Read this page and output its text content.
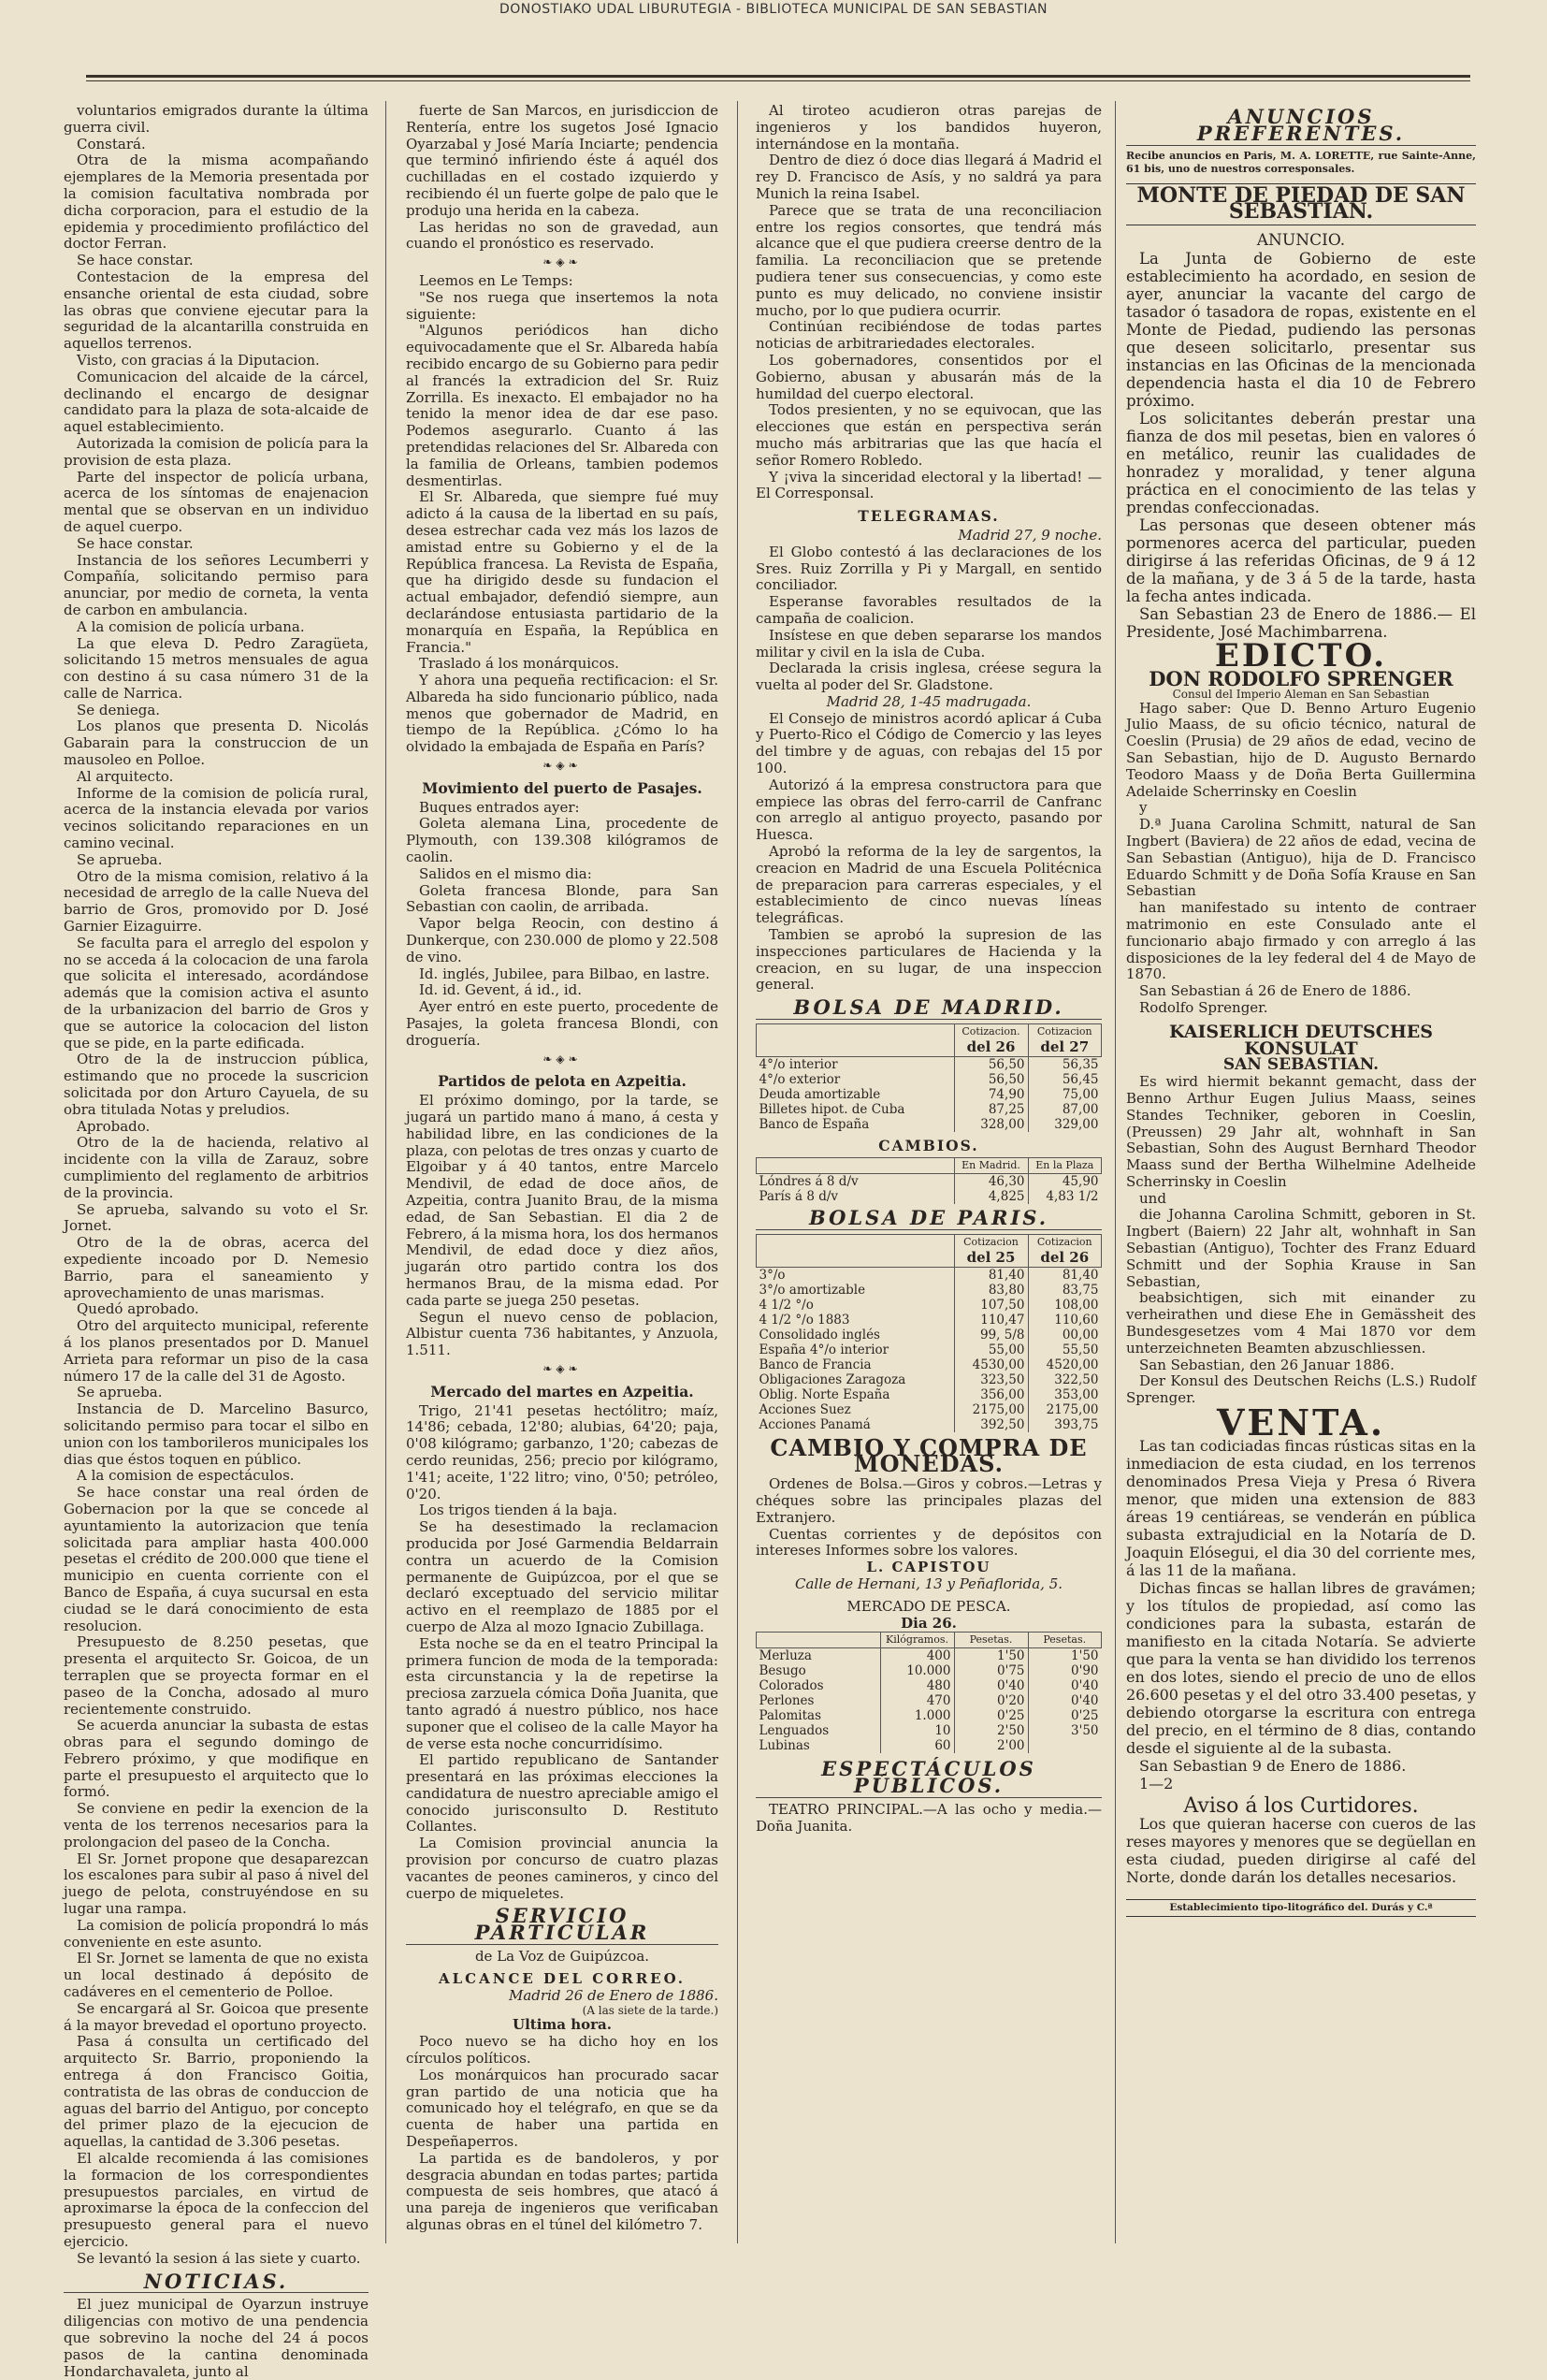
DONOSTIAKO UDAL LIBURUTEGIA - BIBLIOTECA MUNICIPAL DE SAN SEBASTIAN

voluntarios emigrados durante la última guerra civil.

Constará.

Otra de la misma acompañando ejemplares de la Memoria presentada por la comision facultativa nombrada por dicha corporacion, para el estudio de la epidemia y procedimiento profiláctico del doctor Ferran.

Se hace constar.

Contestacion de la empresa del ensanche oriental de esta ciudad, sobre las obras que conviene ejecutar para la seguridad de la alcantarilla construida en aquellos terrenos.

Visto, con gracias á la Diputacion.

Comunicacion del alcaide de la cárcel, declinando el encargo de designar candidato para la plaza de sota-alcaide de aquel establecimiento.

Autorizada la comision de policía para la provision de esta plaza.

Parte del inspector de policía urbana, acerca de los síntomas de enajenacion mental que se observan en un individuo de aquel cuerpo.

Se hace constar.

Instancia de los señores Lecumberri y Compañía, solicitando permiso para anunciar, por medio de corneta, la venta de carbon en ambulancia.

A la comision de policía urbana.

La que eleva D. Pedro Zaragüeta, solicitando 15 metros mensuales de agua con destino á su casa número 31 de la calle de Narrica.

Se deniega.

Los planos que presenta D. Nicolás Gabarain para la construccion de un mausoleo en Polloe.

Al arquitecto.

Informe de la comision de policía rural, acerca de la instancia elevada por varios vecinos solicitando reparaciones en un camino vecinal.

Se aprueba.

Otro de la misma comision, relativo á la necesidad de arreglo de la calle Nueva del barrio de Gros, promovido por D. José Garnier Eizaguirre.

Se faculta para el arreglo del espolon y no se acceda á la colocacion de una farola que solicita el interesado, acordándose además que la comision activa el asunto de la urbanizacion del barrio de Gros y que se autorice la colocacion del liston que se pide, en la parte edificada.

Otro de la de instruccion pública, estimando que no procede la suscricion solicitada por don Arturo Cayuela, de su obra titulada Notas y preludios.

Aprobado.

Otro de la de hacienda, relativo al incidente con la villa de Zarauz, sobre cumplimiento del reglamento de arbitrios de la provincia.

Se aprueba, salvando su voto el Sr. Jornet.

Otro de la de obras, acerca del expediente incoado por D. Nemesio Barrio, para el saneamiento y aprovechamiento de unas marismas.

Quedó aprobado.

Otro del arquitecto municipal, referente á los planos presentados por D. Manuel Arrieta para reformar un piso de la casa número 17 de la calle del 31 de Agosto.

Se aprueba.

Instancia de D. Marcelino Basurco, solicitando permiso para tocar el silbo en union con los tamborileros municipales los dias que éstos toquen en público.

A la comision de espectáculos.

Se hace constar una real órden de Gobernacion por la que se concede al ayuntamiento la autorizacion que tenía solicitada para ampliar hasta 400.000 pesetas el crédito de 200.000 que tiene el municipio en cuenta corriente con el Banco de España, á cuya sucursal en esta ciudad se le dará conocimiento de esta resolucion.

Presupuesto de 8.250 pesetas, que presenta el arquitecto Sr. Goicoa, de un terraplen que se proyecta formar en el paseo de la Concha, adosado al muro recientemente construido.

Se acuerda anunciar la subasta de estas obras para el segundo domingo de Febrero próximo, y que modifique en parte el presupuesto el arquitecto que lo formó.

Se conviene en pedir la exencion de la venta de los terrenos necesarios para la prolongacion del paseo de la Concha.

El Sr. Jornet propone que desaparezcan los escalones para subir al paso á nivel del juego de pelota, construyéndose en su lugar una rampa.

La comision de policía propondrá lo más conveniente en este asunto.

El Sr. Jornet se lamenta de que no exista un local destinado á depósito de cadáveres en el cementerio de Polloe.

Se encargará al Sr. Goicoa que presente á la mayor brevedad el oportuno proyecto.

Pasa á consulta un certificado del arquitecto Sr. Barrio, proponiendo la entrega á don Francisco Goitia, contratista de las obras de conduccion de aguas del barrio del Antiguo, por concepto del primer plazo de la ejecucion de aquellas, la cantidad de 3.306 pesetas.

El alcalde recomienda á las comisiones la formacion de los correspondientes presupuestos parciales, en virtud de aproximarse la época de la confeccion del presupuesto general para el nuevo ejercicio.

Se levantó la sesion á las siete y cuarto.

NOTICIAS.

El juez municipal de Oyarzun instruye diligencias con motivo de una pendencia que sobrevino la noche del 24 á pocos pasos de la cantina denominada Hondarchavaleta, junto al

fuerte de San Marcos, en jurisdiccion de Rentería, entre los sugetos José Ignacio Oyarzabal y José María Inciarte; pendencia que terminó infiriendo éste á aquél dos cuchilladas en el costado izquierdo y recibiendo él un fuerte golpe de palo que le produjo una herida en la cabeza.

Las heridas no son de gravedad, aun cuando el pronóstico es reservado.

❧◈❧

Leemos en Le Temps:

"Se nos ruega que insertemos la nota siguiente:

"Algunos periódicos han dicho equivocadamente que el Sr. Albareda había recibido encargo de su Gobierno para pedir al francés la extradicion del Sr. Ruiz Zorrilla. Es inexacto. El embajador no ha tenido la menor idea de dar ese paso. Podemos asegurarlo. Cuanto á las pretendidas relaciones del Sr. Albareda con la familia de Orleans, tambien podemos desmentirlas.

El Sr. Albareda, que siempre fué muy adicto á la causa de la libertad en su país, desea estrechar cada vez más los lazos de amistad entre su Gobierno y el de la República francesa. La Revista de España, que ha dirigido desde su fundacion el actual embajador, defendió siempre, aun declarándose entusiasta partidario de la monarquía en España, la República en Francia."

Traslado á los monárquicos.

Y ahora una pequeña rectificacion: el Sr. Albareda ha sido funcionario público, nada menos que gobernador de Madrid, en tiempo de la República. ¿Cómo lo ha olvidado la embajada de España en París?

❧◈❧
Movimiento del puerto de Pasajes.

Buques entrados ayer:

Goleta alemana Lina, procedente de Plymouth, con 139.308 kilógramos de caolin.

Salidos en el mismo dia:

Goleta francesa Blonde, para San Sebastian con caolin, de arribada.

Vapor belga Reocin, con destino á Dunkerque, con 230.000 de plomo y 22.508 de vino.

Id. inglés, Jubilee, para Bilbao, en lastre.

Id. id. Gevent, á id., id.

Ayer entró en este puerto, procedente de Pasajes, la goleta francesa Blondi, con droguería.

❧◈❧
Partidos de pelota en Azpeitia.

El próximo domingo, por la tarde, se jugará un partido mano á mano, á cesta y habilidad libre, en las condiciones de la plaza, con pelotas de tres onzas y cuarto de Elgoibar y á 40 tantos, entre Marcelo Mendivil, de edad de doce años, de Azpeitia, contra Juanito Brau, de la misma edad, de San Sebastian. El dia 2 de Febrero, á la misma hora, los dos hermanos Mendivil, de edad doce y diez años, jugarán otro partido contra los dos hermanos Brau, de la misma edad. Por cada parte se juega 250 pesetas.

Segun el nuevo censo de poblacion, Albistur cuenta 736 habitantes, y Anzuola, 1.511.

❧◈❧
Mercado del martes en Azpeitia.

Trigo, 21'41 pesetas hectólitro; maíz, 14'86; cebada, 12'80; alubias, 64'20; paja, 0'08 kilógramo; garbanzo, 1'20; cabezas de cerdo reunidas, 256; precio por kilógramo, 1'41; aceite, 1'22 litro; vino, 0'50; petróleo, 0'20.

Los trigos tienden á la baja.

Se ha desestimado la reclamacion producida por José Garmendia Beldarrain contra un acuerdo de la Comision permanente de Guipúzcoa, por el que se declaró exceptuado del servicio militar activo en el reemplazo de 1885 por el cuerpo de Alza al mozo Ignacio Zubillaga.

Esta noche se da en el teatro Principal la primera funcion de moda de la temporada: esta circunstancia y la de repetirse la preciosa zarzuela cómica Doña Juanita, que tanto agradó á nuestro público, nos hace suponer que el coliseo de la calle Mayor ha de verse esta noche concurridísimo.

El partido republicano de Santander presentará en las próximas elecciones la candidatura de nuestro apreciable amigo el conocido jurisconsulto D. Restituto Collantes.

La Comision provincial anuncia la provision por concurso de cuatro plazas vacantes de peones camineros, y cinco del cuerpo de miqueletes.

SERVICIO PARTICULAR
de La Voz de Guipúzcoa.
ALCANCE DEL CORREO.
Madrid 26 de Enero de 1886.
(A las siete de la tarde.)
Ultima hora.

Poco nuevo se ha dicho hoy en los círculos políticos.

Los monárquicos han procurado sacar gran partido de una noticia que ha comunicado hoy el telégrafo, en que se da cuenta de haber una partida en Despeñaperros.

La partida es de bandoleros, y por desgracia abundan en todas partes; partida compuesta de seis hombres, que atacó á una pareja de ingenieros que verificaban algunas obras en el túnel del kilómetro 7.

Al tiroteo acudieron otras parejas de ingenieros y los bandidos huyeron, internándose en la montaña.

Dentro de diez ó doce dias llegará á Madrid el rey D. Francisco de Asís, y no saldrá ya para Munich la reina Isabel.

Parece que se trata de una reconciliacion entre los regios consortes, que tendrá más alcance que el que pudiera creerse dentro de la familia. La reconciliacion que se pretende pudiera tener sus consecuencias, y como este punto es muy delicado, no conviene insistir mucho, por lo que pudiera ocurrir.

Continúan recibiéndose de todas partes noticias de arbitrariedades electorales.

Los gobernadores, consentidos por el Gobierno, abusan y abusarán más de la humildad del cuerpo electoral.

Todos presienten, y no se equivocan, que las elecciones que están en perspectiva serán mucho más arbitrarias que las que hacía el señor Romero Robledo.

Y ¡viva la sinceridad electoral y la libertad! —El Corresponsal.

TELEGRAMAS.
Madrid 27, 9 noche.

El Globo contestó á las declaraciones de los Sres. Ruiz Zorrilla y Pi y Margall, en sentido conciliador.

Esperanse favorables resultados de la campaña de coalicion.

Insístese en que deben separarse los mandos militar y civil en la isla de Cuba.

Declarada la crisis inglesa, créese segura la vuelta al poder del Sr. Gladstone.

Madrid 28, 1-45 madrugada.

El Consejo de ministros acordó aplicar á Cuba y Puerto-Rico el Código de Comercio y las leyes del timbre y de aguas, con rebajas del 15 por 100.

Autorizó á la empresa constructora para que empiece las obras del ferro-carril de Canfranc con arreglo al antiguo proyecto, pasando por Huesca.

Aprobó la reforma de la ley de sargentos, la creacion en Madrid de una Escuela Politécnica de preparacion para carreras especiales, y el establecimiento de cinco nuevas líneas telegráficas.

Tambien se aprobó la supresion de las inspecciones particulares de Hacienda y la creacion, en su lugar, de una inspeccion general.

BOLSA DE MADRID.
	Cotizacion.
del 26	Cotizacion
del 27
4°/o interior	56,50	56,35
4°/o exterior	56,50	56,45
Deuda amortizable	74,90	75,00
Billetes hipot. de Cuba	87,25	87,00
Banco de España	328,00	329,00
CAMBIOS.
	En Madrid.	En la Plaza
Lóndres á 8 d/v	46,30	45,90
París á 8 d/v	4,825	4,83 1/2
BOLSA DE PARIS.
	Cotizacion
del 25	Cotizacion
del 26
3°/o	81,40	81,40
3°/o amortizable	83,80	83,75
4 1/2 °/o	107,50	108,00
4 1/2 °/o 1883	110,47	110,60
Consolidado inglés	99, 5/8	00,00
España 4°/o interior	55,00	55,50
Banco de Francia	4530,00	4520,00
Obligaciones Zaragoza	323,50	322,50
Oblig. Norte España	356,00	353,00
Acciones Suez	2175,00	2175,00
Acciones Panamá	392,50	393,75
CAMBIO Y COMPRA DE MONEDAS.

Ordenes de Bolsa.—Giros y cobros.—Letras y chéques sobre las principales plazas del Extranjero.

Cuentas corrientes y de depósitos con intereses Informes sobre los valores.

L. CAPISTOU
Calle de Hernani, 13 y Peñaflorida, 5.
MERCADO DE PESCA.
Dia 26.
	Kilógramos.	Pesetas.	Pesetas.
Merluza	400	1'50	1'50
Besugo	10.000	0'75	0'90
Colorados	480	0'40	0'40
Perlones	470	0'20	0'40
Palomitas	1.000	0'25	0'25
Lenguados	10	2'50	3'50
Lubinas	60	2'00	
ESPECTÁCULOS PÚBLICOS.

TEATRO PRINCIPAL.—A las ocho y media.—Doña Juanita.

ANUNCIOS PREFERENTES.
Recibe anuncios en Paris, M. A. LORETTE, rue Sainte-Anne, 61 bis, uno de nuestros corresponsales.
MONTE DE PIEDAD DE SAN SEBASTIAN.
ANUNCIO.

La Junta de Gobierno de este establecimiento ha acordado, en sesion de ayer, anunciar la vacante del cargo de tasador ó tasadora de ropas, existente en el Monte de Piedad, pudiendo las personas que deseen solicitarlo, presentar sus instancias en las Oficinas de la mencionada dependencia hasta el dia 10 de Febrero próximo.

Los solicitantes deberán prestar una fianza de dos mil pesetas, bien en valores ó en metálico, reunir las cualidades de honradez y moralidad, y tener alguna práctica en el conocimiento de las telas y prendas confeccionadas.

Las personas que deseen obtener más pormenores acerca del particular, pueden dirigirse á las referidas Oficinas, de 9 á 12 de la mañana, y de 3 á 5 de la tarde, hasta la fecha antes indicada.

San Sebastian 23 de Enero de 1886.— El Presidente, José Machimbarrena.

EDICTO.
DON RODOLFO SPRENGER
Consul del Imperio Aleman en San Sebastian

Hago saber: Que D. Benno Arturo Eugenio Julio Maass, de su oficio técnico, natural de Coeslin (Prusia) de 29 años de edad, vecino de San Sebastian, hijo de D. Augusto Bernardo Teodoro Maass y de Doña Berta Guillermina Adelaide Scherrinsky en Coeslin

y

D.ª Juana Carolina Schmitt, natural de San Ingbert (Baviera) de 22 años de edad, vecina de San Sebastian (Antiguo), hija de D. Francisco Eduardo Schmitt y de Doña Sofía Krause en San Sebastian

han manifestado su intento de contraer matrimonio en este Consulado ante el funcionario abajo firmado y con arreglo á las disposiciones de la ley federal del 4 de Mayo de 1870.

San Sebastian á 26 de Enero de 1886.

Rodolfo Sprenger.

KAISERLICH DEUTSCHES KONSULAT
SAN SEBASTIAN.

Es wird hiermit bekannt gemacht, dass der Benno Arthur Eugen Julius Maass, seines Standes Techniker, geboren in Coeslin, (Preussen) 29 Jahr alt, wohnhaft in San Sebastian, Sohn des August Bernhard Theodor Maass sund der Bertha Wilhelmine Adelheide Scherrinsky in Coeslin

und

die Johanna Carolina Schmitt, geboren in St. Ingbert (Baiern) 22 Jahr alt, wohnhaft in San Sebastian (Antiguo), Tochter des Franz Eduard Schmitt und der Sophia Krause in San Sebastian,

beabsichtigen, sich mit einander zu verheirathen und diese Ehe in Gemässheit des Bundesgesetzes vom 4 Mai 1870 vor dem unterzeichneten Beamten abzuschliessen.

San Sebastian, den 26 Januar 1886.

Der Konsul des Deutschen Reichs (L.S.) Rudolf Sprenger.

VENTA.

Las tan codiciadas fincas rústicas sitas en la inmediacion de esta ciudad, en los terrenos denominados Presa Vieja y Presa ó Rivera menor, que miden una extension de 883 áreas 19 centiáreas, se venderán en pública subasta extrajudicial en la Notaría de D. Joaquin Elósegui, el dia 30 del corriente mes, á las 11 de la mañana.

Dichas fincas se hallan libres de gravámen; y los títulos de propiedad, así como las condiciones para la subasta, estarán de manifiesto en la citada Notaría. Se advierte que para la venta se han dividido los terrenos en dos lotes, siendo el precio de uno de ellos 26.600 pesetas y el del otro 33.400 pesetas, y debiendo otorgarse la escritura con entrega del precio, en el término de 8 dias, contando desde el siguiente al de la subasta.

San Sebastian 9 de Enero de 1886.

1—2

Aviso á los Curtidores.

Los que quieran hacerse con cueros de las reses mayores y menores que se degüellan en esta ciudad, pueden dirigirse al café del Norte, donde darán los detalles necesarios.

Establecimiento tipo-litográfico del. Durás y C.ª
